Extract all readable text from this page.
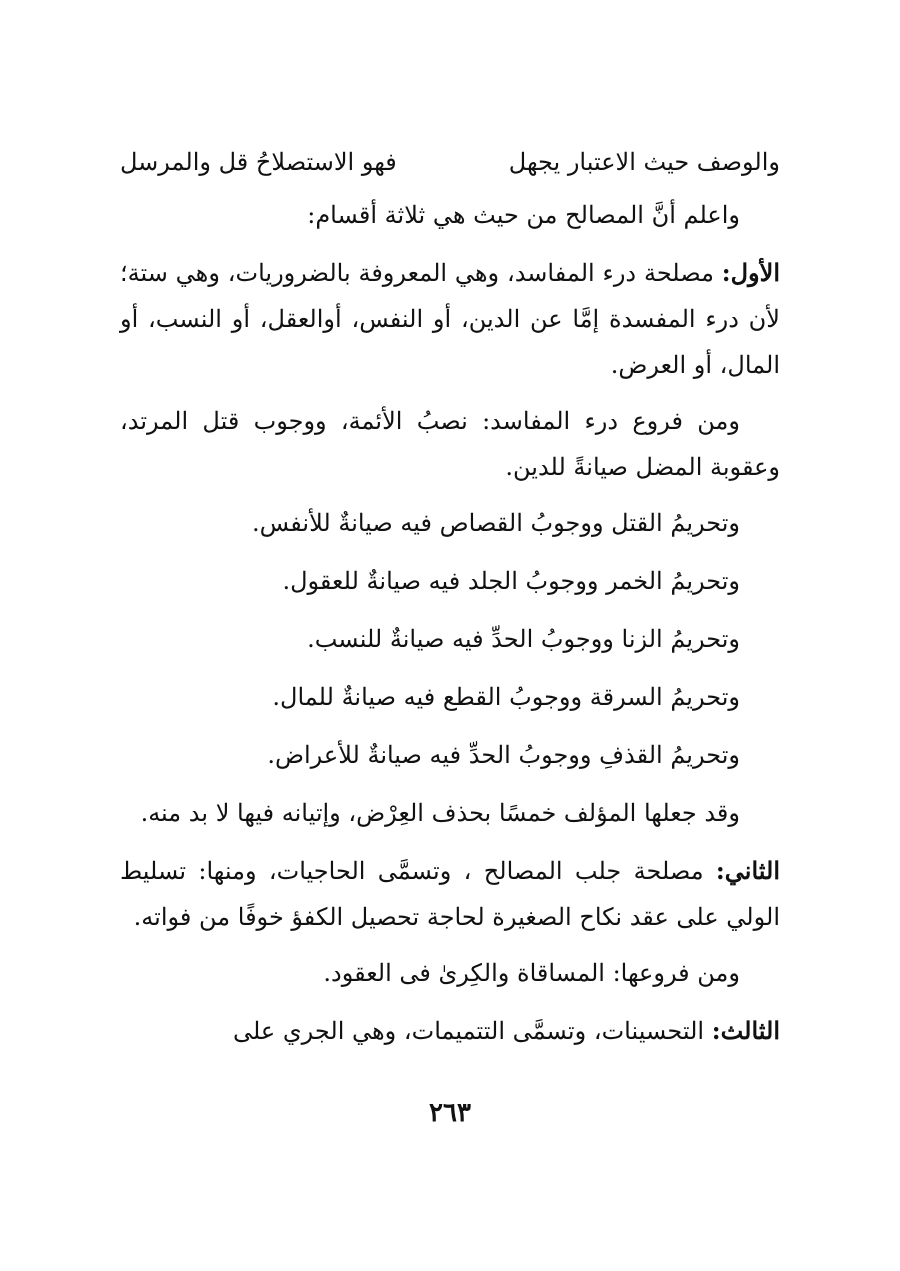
والوصف حيث الاعتبار يجهل
فهو الاستصلاحُ قل والمرسل

واعلم أنَّ المصالح من حيث هي ثلاثة أقسام:

الأول: مصلحة درء المفاسد، وهي المعروفة بالضروريات، وهي ستة؛ لأن درء المفسدة إمَّا عن الدين، أو النفس، أوالعقل، أو النسب، أو المال، أو العرض.

ومن فروع درء المفاسد: نصبُ الأئمة، ووجوب قتل المرتد، وعقوبة المضل صيانةً للدين.

وتحريمُ القتل ووجوبُ القصاص فيه صيانةٌ للأنفس.

وتحريمُ الخمر ووجوبُ الجلد فيه صيانةٌ للعقول.

وتحريمُ الزنا ووجوبُ الحدِّ فيه صيانةٌ للنسب.

وتحريمُ السرقة ووجوبُ القطع فيه صيانةٌ للمال.

وتحريمُ القذفِ ووجوبُ الحدِّ فيه صيانةٌ للأعراض.

وقد جعلها المؤلف خمسًا بحذف العِرْض، وإتيانه فيها لا بد منه.

الثاني: مصلحة جلب المصالح ، وتسمَّى الحاجيات، ومنها: تسليط الولي على عقد نكاح الصغيرة لحاجة تحصيل الكفؤ خوفًا من فواته.

ومن فروعها: المساقاة والكِرىٰ فى العقود.

الثالث: التحسينات، وتسمَّى التتميمات، وهي الجري على

٢٦٣
